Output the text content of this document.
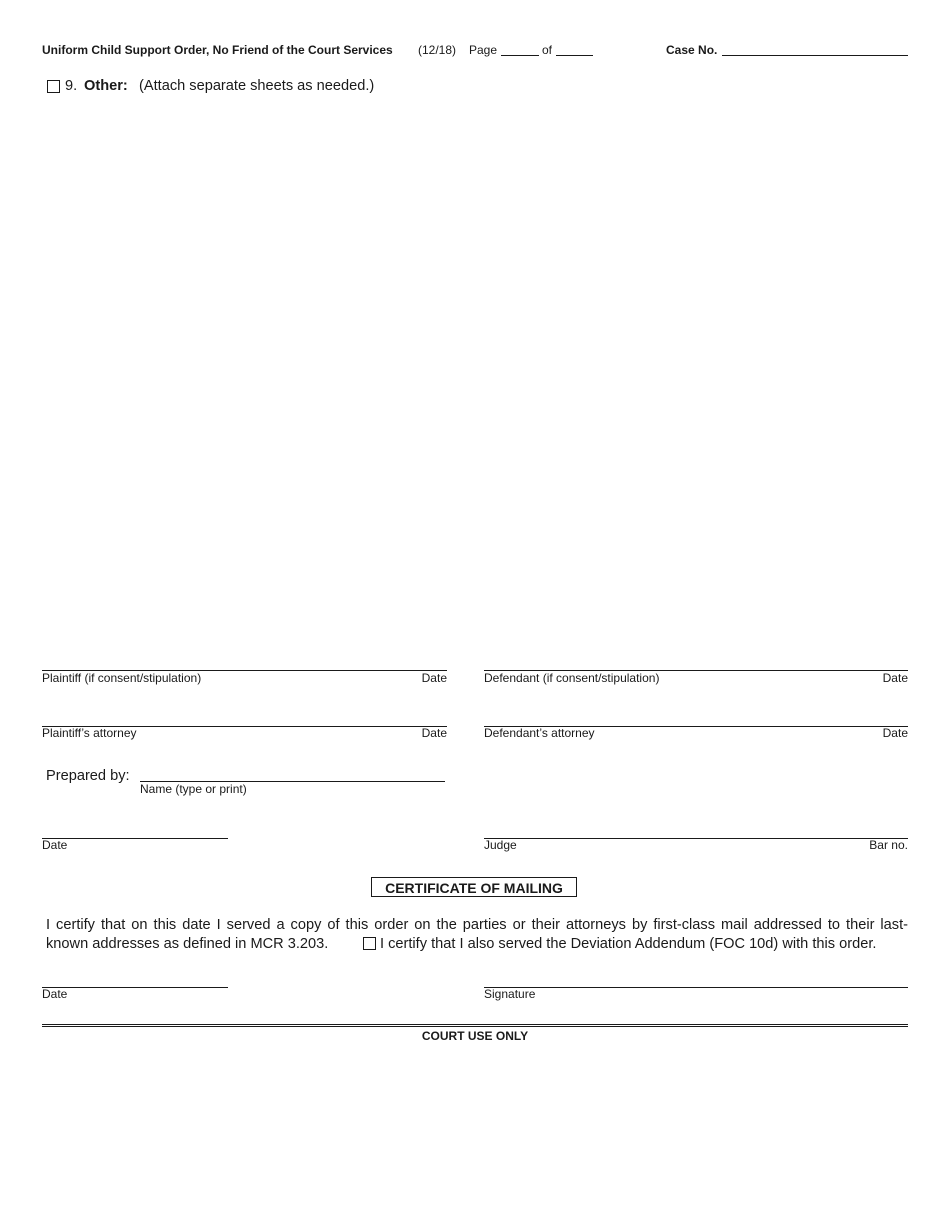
Uniform Child Support Order, No Friend of the Court Services (12/18) Page	of	Case No.
9. Other: (Attach separate sheets as needed.)
Plaintiff (if consent/stipulation)	Date	Defendant (if consent/stipulation)	Date
Plaintiff’s attorney	Date	Defendant’s attorney	Date
Prepared by:
Name (type or print)
Date	Judge	Bar no.
CERTIFICATE OF MAILING
I certify that on this date I served a copy of this order on the parties or their attorneys by first-class mail addressed to their last-
known addresses as defined in MCR 3.203.	I certify that I also served the Deviation Addendum (FOC 10d) with this order.
Date	Signature
COURT USE ONLY
